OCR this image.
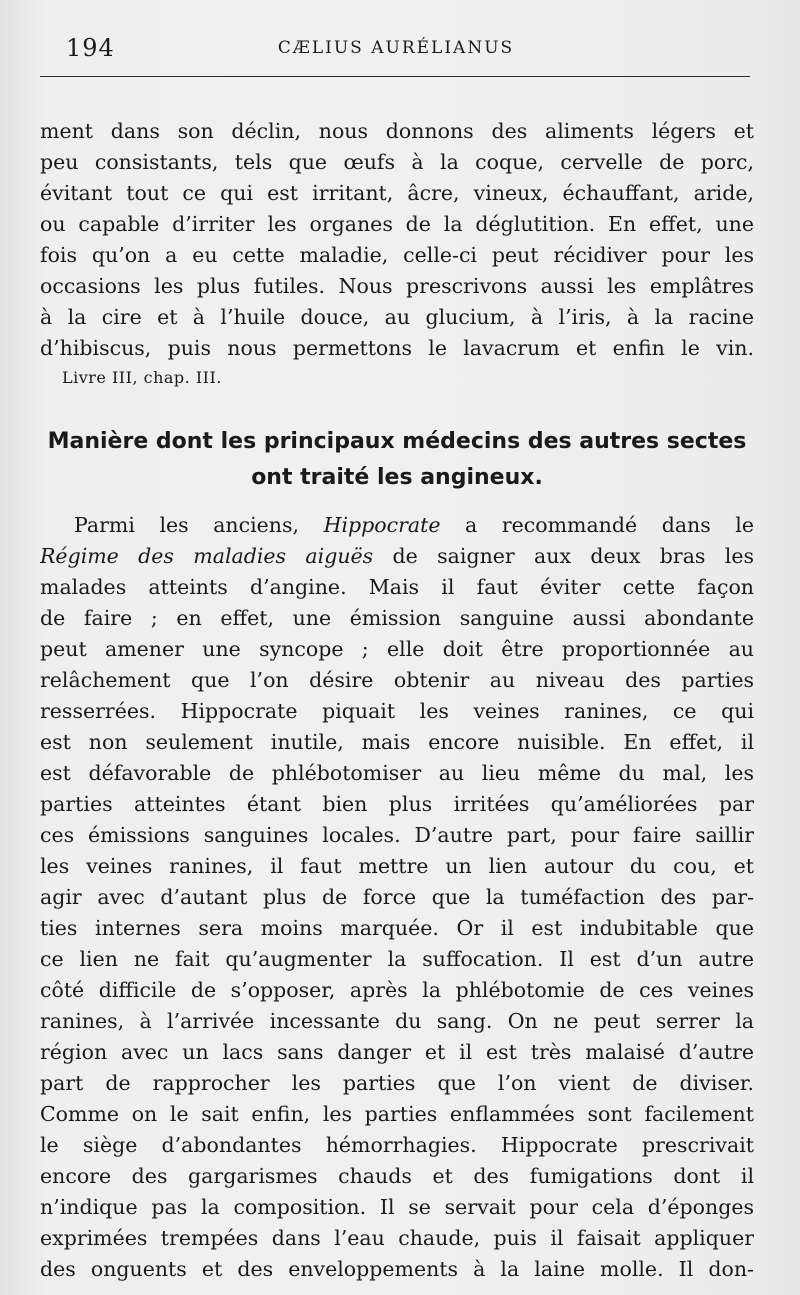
194	CÆLIUS AURÉLIANUS
ment dans son déclin, nous donnons des aliments légers et
peu consistants, tels que œufs à la coque, cervelle de porc,
évitant tout ce qui est irritant, âcre, vineux, échauffant, aride,
ou capable d’irriter les organes de la déglutition. En effet, une
fois qu’on a eu cette maladie, celle-ci peut récidiver pour les
occasions les plus futiles. Nous prescrivons aussi les emplâtres
à la cire et à l’huile douce, au glucium, à l’iris, à la racine
d’hibiscus, puis nous permettons le lavacrum et enfin le vin.
Livre III, chap. III.
Manière dont les principaux médecins des autres sectes
ont traité les angineux.
Parmi les anciens, Hippocrate a recommandé dans le
Régime des maladies aiguës de saigner aux deux bras les
malades atteints d’angine. Mais il faut éviter cette façon
de faire ; en effet, une émission sanguine aussi abondante
peut amener une syncope ; elle doit être proportionnée au
relâchement que l’on désire obtenir au niveau des parties
resserrées. Hippocrate piquait les veines ranines, ce qui
est non seulement inutile, mais encore nuisible. En effet, il
est défavorable de phlébotomiser au lieu même du mal, les
parties atteintes étant bien plus irritées qu’améliorées par
ces émissions sanguines locales. D’autre part, pour faire saillir
les veines ranines, il faut mettre un lien autour du cou, et
agir avec d’autant plus de force que la tuméfaction des par-
ties internes sera moins marquée. Or il est indubitable que
ce lien ne fait qu’augmenter la suffocation. Il est d’un autre
côté difficile de s’opposer, après la phlébotomie de ces veines
ranines, à l’arrivée incessante du sang. On ne peut serrer la
région avec un lacs sans danger et il est très malaisé d’autre
part de rapprocher les parties que l’on vient de diviser.
Comme on le sait enfin, les parties enflammées sont facilement
le siège d’abondantes hémorrhagies. Hippocrate prescrivait
encore des gargarismes chauds et des fumigations dont il
n’indique pas la composition. Il se servait pour cela d’éponges
exprimées trempées dans l’eau chaude, puis il faisait appliquer
des onguents et des enveloppements à la laine molle. Il don-
